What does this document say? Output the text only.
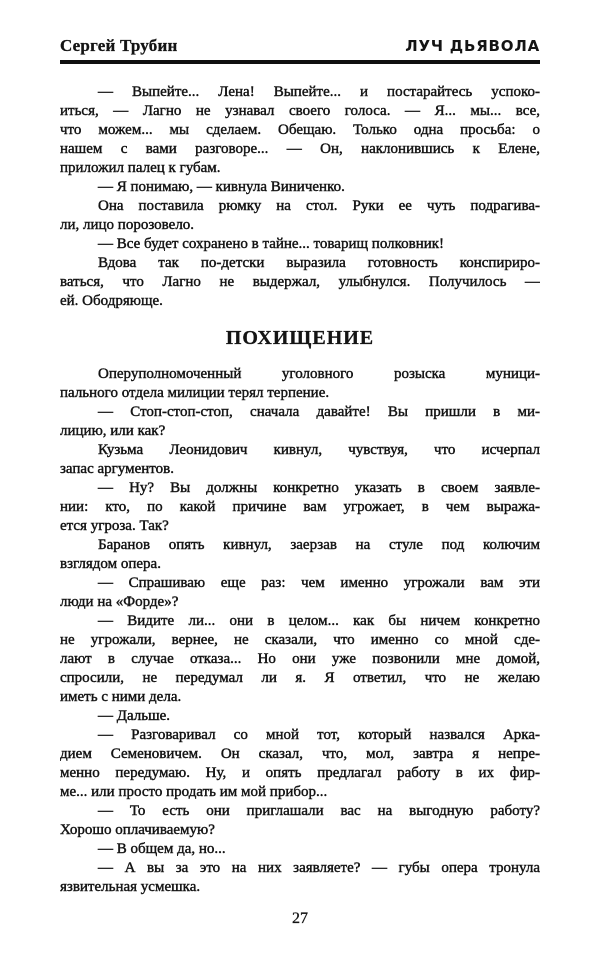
Сергей Трубин	ЛУЧ ДЬЯВОЛА
— Выпейте... Лена! Выпейте... и постарайтесь успоко-
иться, — Лагно не узнавал своего голоса. — Я... мы... все,
что можем... мы сделаем. Обещаю. Только одна просьба: о
нашем с вами разговоре... — Он, наклонившись к Елене,
приложил палец к губам.
— Я понимаю, — кивнула Виниченко.
Она поставила рюмку на стол. Руки ее чуть подрагива-
ли, лицо порозовело.
— Все будет сохранено в тайне... товарищ полковник!
Вдова так по-детски выразила готовность конспириро-
ваться, что Лагно не выдержал, улыбнулся. Получилось —
ей. Ободряюще.
ПОХИЩЕНИЕ
Оперуполномоченный уголовного розыска муници-
пального отдела милиции терял терпение.
— Стоп-стоп-стоп, сначала давайте! Вы пришли в ми-
лицию, или как?
Кузьма Леонидович кивнул, чувствуя, что исчерпал
запас аргументов.
— Ну? Вы должны конкретно указать в своем заявле-
нии: кто, по какой причине вам угрожает, в чем выража-
ется угроза. Так?
Баранов опять кивнул, заерзав на стуле под колючим
взглядом опера.
— Спрашиваю еще раз: чем именно угрожали вам эти
люди на «Форде»?
— Видите ли... они в целом... как бы ничем конкретно
не угрожали, вернее, не сказали, что именно со мной сде-
лают в случае отказа... Но они уже позвонили мне домой,
спросили, не передумал ли я. Я ответил, что не желаю
иметь с ними дела.
— Дальше.
— Разговаривал со мной тот, который назвался Арка-
дием Семеновичем. Он сказал, что, мол, завтра я непре-
менно передумаю. Ну, и опять предлагал работу в их фир-
ме... или просто продать им мой прибор...
— То есть они приглашали вас на выгодную работу?
Хорошо оплачиваемую?
— В общем да, но...
— А вы за это на них заявляете? — губы опера тронула
язвительная усмешка.
27
